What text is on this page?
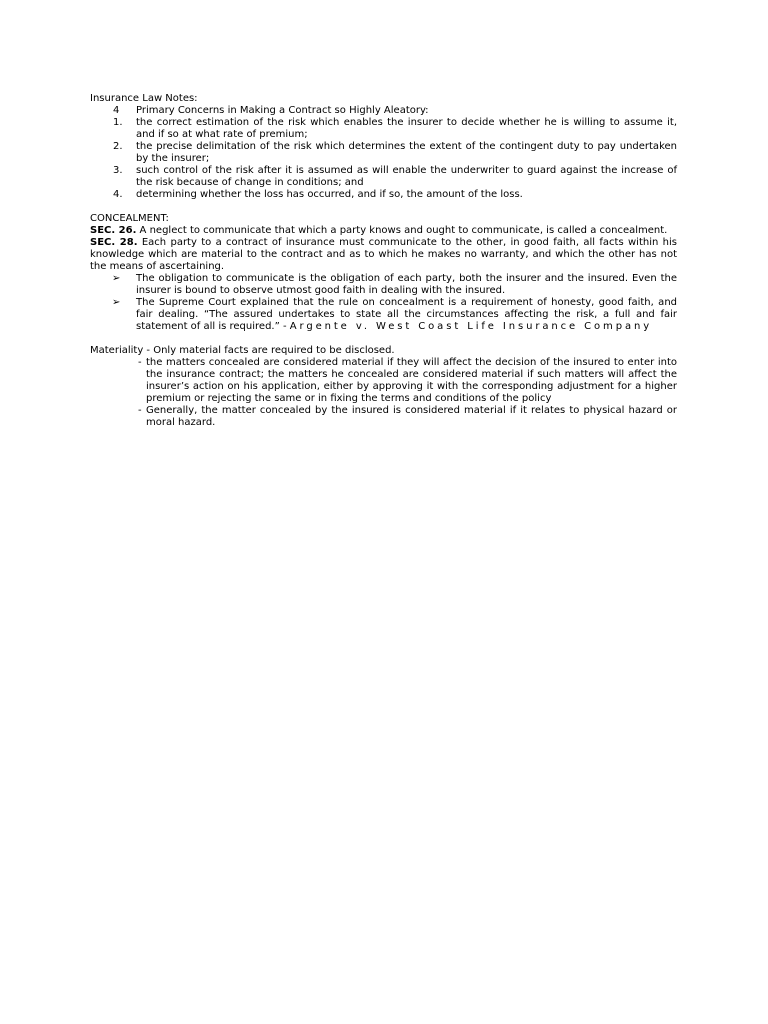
Insurance Law Notes:

4 Primary Concerns in Making a Contract so Highly Aleatory:
1. the correct estimation of the risk which enables the insurer to decide whether he is willing to assume it, and if so at what rate of premium;
2. the precise delimitation of the risk which determines the extent of the contingent duty to pay undertaken by the insurer;
3. such control of the risk after it is assumed as will enable the underwriter to guard against the increase of the risk because of change in conditions; and
4. determining whether the loss has occurred, and if so, the amount of the loss.

CONCEALMENT:

SEC. 26. A neglect to communicate that which a party knows and ought to communicate, is called a concealment.

SEC. 28. Each party to a contract of insurance must communicate to the other, in good faith, all facts within his knowledge which are material to the contract and as to which he makes no warranty, and which the other has not the means of ascertaining.

➢ The obligation to communicate is the obligation of each party, both the insurer and the insured. Even the insurer is bound to observe utmost good faith in dealing with the insured.
➢ The Supreme Court explained that the rule on concealment is a requirement of honesty, good faith, and fair dealing. “The assured undertakes to state all the circumstances affecting the risk, a full and fair statement of all is required.” - Argente v. West Coast Life Insurance Company

Materiality - Only material facts are required to be disclosed.

- the matters concealed are considered material if they will affect the decision of the insured to enter into the insurance contract; the matters he concealed are considered material if such matters will affect the insurer’s action on his application, either by approving it with the corresponding adjustment for a higher premium or rejecting the same or in fixing the terms and conditions of the policy
- Generally, the matter concealed by the insured is considered material if it relates to physical hazard or moral hazard.
